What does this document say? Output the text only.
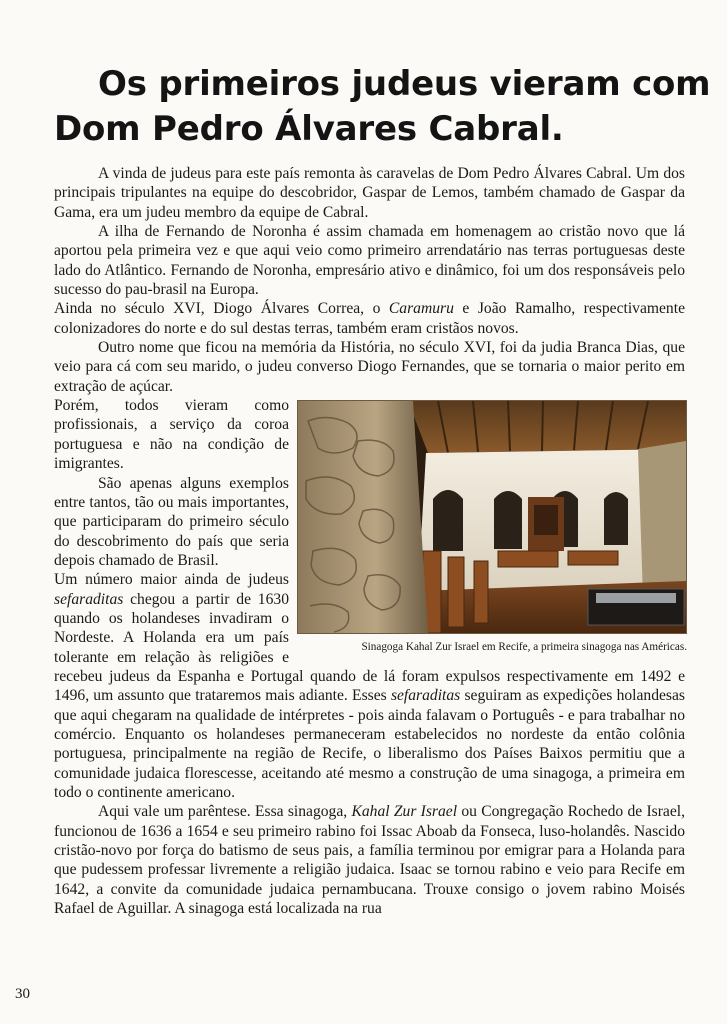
Os primeiros judeus vieram com
Dom Pedro Álvares Cabral.

A vinda de judeus para este país remonta às caravelas de Dom Pedro Álvares Cabral. Um dos principais tripulantes na equipe do descobridor, Gaspar de Lemos, também chamado de Gaspar da Gama, era um judeu membro da equipe de Cabral.

A ilha de Fernando de Noronha é assim chamada em homenagem ao cristão novo que lá aportou pela primeira vez e que aqui veio como primeiro arrendatário nas terras portuguesas deste lado do Atlântico. Fernando de Noronha, empresário ativo e dinâmico, foi um dos responsáveis pelo sucesso do pau-brasil na Europa.

Ainda no século XVI, Diogo Álvares Correa, o Caramuru e João Ramalho, respectivamente colonizadores do norte e do sul destas terras, também eram cristãos novos.

Outro nome que ficou na memória da História, no século XVI, foi da judia Branca Dias, que veio para cá com seu marido, o judeu converso Diogo Fernandes, que se tornaria o maior perito em extração de açúcar.

Sinagoga Kahal Zur Israel em Recife, a primeira sinagoga nas Américas.

Porém, todos vieram como profissionais, a serviço da coroa portuguesa e não na condição de imigrantes.

São apenas alguns exemplos entre tantos, tão ou mais importantes, que participaram do primeiro século do descobrimento do país que seria depois chamado de Brasil.

Um número maior ainda de judeus sefaraditas chegou a partir de 1630 quando os holandeses invadiram o Nordeste. A Holanda era um país tolerante em relação às religiões e recebeu judeus da Espanha e Portugal quando de lá foram expulsos respectivamente em 1492 e 1496, um assunto que trataremos mais adiante. Esses sefaraditas seguiram as expedições holandesas que aqui chegaram na qualidade de intérpretes - pois ainda falavam o Português - e para trabalhar no comércio. Enquanto os holandeses permaneceram estabelecidos no nordeste da então colônia portuguesa, principalmente na região de Recife, o liberalismo dos Países Baixos permitiu que a comunidade judaica florescesse, aceitando até mesmo a construção de uma sinagoga, a primeira em todo o continente americano.

Aqui vale um parêntese. Essa sinagoga, Kahal Zur Israel ou Congregação Rochedo de Israel, funcionou de 1636 a 1654 e seu primeiro rabino foi Issac Aboab da Fonseca, luso-holandês. Nascido cristão-novo por força do batismo de seus pais, a família terminou por emigrar para a Holanda para que pudessem professar livremente a religião judaica. Isaac se tornou rabino e veio para Recife em 1642, a convite da comunidade judaica pernambucana. Trouxe consigo o jovem rabino Moisés Rafael de Aguillar. A sinagoga está localizada na rua

30
